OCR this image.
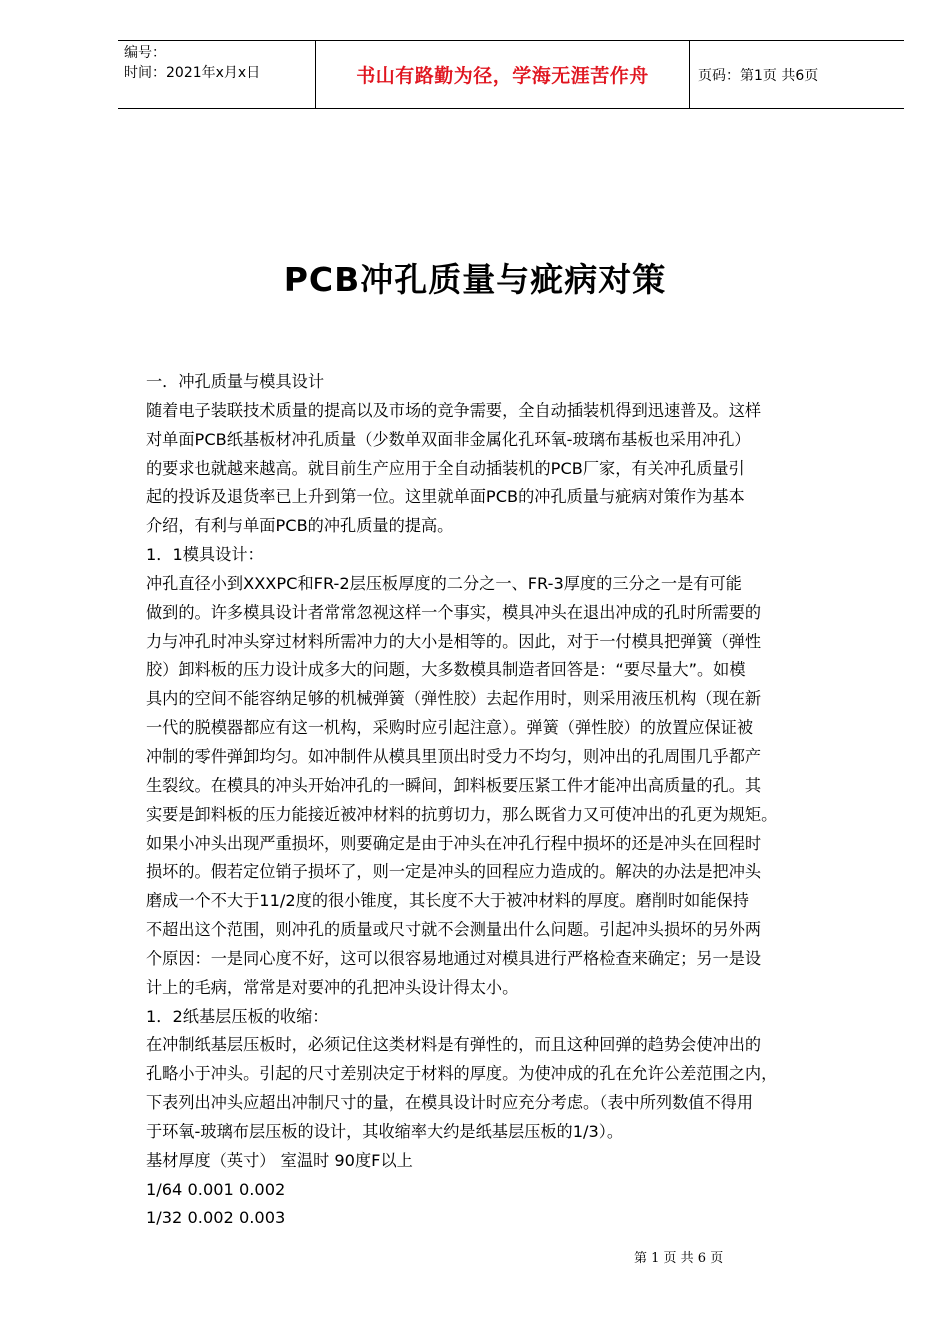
编号：
时间：2021年x月x日	书山有路勤为径，学海无涯苦作舟	页码：第1页 共6页
PCB冲孔质量与疵病对策
一．冲孔质量与模具设计
随着电子装联技术质量的提高以及市场的竞争需要，全自动插装机得到迅速普及。这样
对单面PCB纸基板材冲孔质量（少数单双面非金属化孔环氧-玻璃布基板也采用冲孔）
的要求也就越来越高。就目前生产应用于全自动插装机的PCB厂家，有关冲孔质量引
起的投诉及退货率已上升到第一位。这里就单面PCB的冲孔质量与疵病对策作为基本
介绍，有利与单面PCB的冲孔质量的提高。
1．1模具设计：
冲孔直径小到XXXPC和FR-2层压板厚度的二分之一、FR-3厚度的三分之一是有可能
做到的。许多模具设计者常常忽视这样一个事实，模具冲头在退出冲成的孔时所需要的
力与冲孔时冲头穿过材料所需冲力的大小是相等的。因此，对于一付模具把弹簧（弹性
胶）卸料板的压力设计成多大的问题，大多数模具制造者回答是：“要尽量大”。如模
具内的空间不能容纳足够的机械弹簧（弹性胶）去起作用时，则采用液压机构（现在新
一代的脱模器都应有这一机构，采购时应引起注意）。弹簧（弹性胶）的放置应保证被
冲制的零件弹卸均匀。如冲制件从模具里顶出时受力不均匀，则冲出的孔周围几乎都产
生裂纹。在模具的冲头开始冲孔的一瞬间，卸料板要压紧工件才能冲出高质量的孔。其
实要是卸料板的压力能接近被冲材料的抗剪切力，那么既省力又可使冲出的孔更为规矩。
如果小冲头出现严重损坏，则要确定是由于冲头在冲孔行程中损坏的还是冲头在回程时
损坏的。假若定位销子损坏了，则一定是冲头的回程应力造成的。解决的办法是把冲头
磨成一个不大于11/2度的很小锥度，其长度不大于被冲材料的厚度。磨削时如能保持
不超出这个范围，则冲孔的质量或尺寸就不会测量出什么问题。引起冲头损坏的另外两
个原因：一是同心度不好，这可以很容易地通过对模具进行严格检查来确定；另一是设
计上的毛病，常常是对要冲的孔把冲头设计得太小。
1．2纸基层压板的收缩：
在冲制纸基层压板时，必须记住这类材料是有弹性的，而且这种回弹的趋势会使冲出的
孔略小于冲头。引起的尺寸差别决定于材料的厚度。为使冲成的孔在允许公差范围之内，
下表列出冲头应超出冲制尺寸的量，在模具设计时应充分考虑。（表中所列数值不得用
于环氧-玻璃布层压板的设计，其收缩率大约是纸基层压板的1/3）。
基材厚度（英寸） 室温时 90度F以上
1/64 0.001 0.002
1/32 0.002 0.003
第 1 页 共 6 页
